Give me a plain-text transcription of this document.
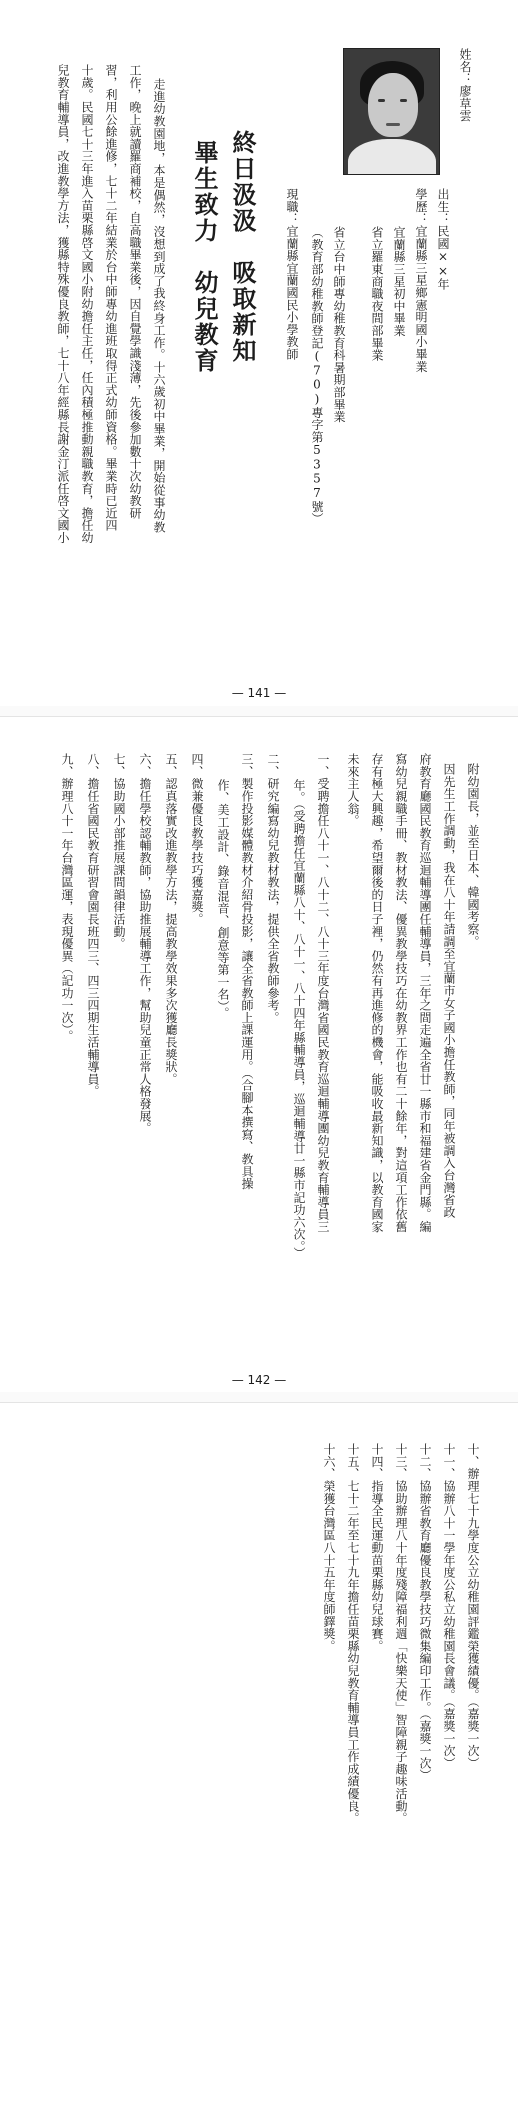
姓名：廖草雲
出生：民國××年
學歷：宜蘭縣三星鄉憲明國小畢業
宜蘭縣三星初中畢業
省立羅東商職夜間部畢業
省立台中師專幼稚教育科暑期部畢業
（教育部幼稚教師登記(70)專字第5357號）
現職：宜蘭縣宜蘭國民小學教師
終日汲汲　吸取新知
畢生致力　幼兒教育
走進幼教園地，本是偶然，沒想到成了我終身工作。十六歲初中畢業，開始從事幼教
工作，晚上就讀羅商補校，自高職畢業後，因自覺學識淺薄，先後參加數十次幼教研
習，利用公餘進修，七十二年結業於台中師專幼進班取得正式幼師資格。畢業時已近四
十歲。民國七十三年進入苗栗縣啓文國小附幼擔任主任，任內積極推動親職教育，擔任幼
兒教育輔導員，改進教學方法，獲縣特殊優良教師，七十八年經縣長謝金汀派任啓文國小
— 141 —
附幼園長，並至日本、韓國考察。
因先生工作調動，我在八十年請調至宜蘭市女子國小擔任教師，同年被調入台灣省政
府教育廳國民教育巡迴輔導團任輔導員，三年之間走遍全省廿一縣市和福建省金門縣。編
寫幼兒親職手冊、教材教法、優異教學技巧在幼教界工作也有二十餘年，對這項工作依舊
存有極大興趣，希望爾後的日子裡，仍然有再進修的機會，能吸收最新知識，以教育國家
未來主人翁。
一、受聘擔任八十一、八十二、八十三年度台灣省國民教育巡迴輔導團幼兒教育輔導員三
年。（受聘擔任宜蘭縣八十、八十一、八十四年縣輔導員，巡迴輔導廿一縣市記功六次。）
二、研究編寫幼兒教材教法，提供全省教師參考。
三、製作投影媒體教材介紹骨投影，讓全省教師上課運用。（合腳本撰寫、教具操
作、美工設計、錄音混音、創意等第一名）。
四、微兼優良教學技巧獲嘉獎。
五、認真落實改進教學方法，提高教學效果多次獲廳長獎狀。
六、擔任學校認輔教師，協助推展輔導工作，幫助兒童正常人格發展。
七、協助國小部推展課間韻律活動。
八、擔任省國民教育研習會園長班四三、四三四期生活輔導員。
九、辦理八十一年台灣區運，表現優異（記功一次）。
— 142 —
十、辦理七十九學度公立幼稚園評鑑榮獲績優。（嘉獎一次）
十一、協辦八十一學年度公私立幼稚園長會議。（嘉獎一次）
十二、協辦省教育廳優良教學技巧微集編印工作。（嘉獎一次）
十三、協助辦理八十年度殘障福利週「快樂天使」智障親子趣味活動。
十四、指導全民運動苗栗縣幼兒球賽。
十五、七十二年至七十九年擔任苗栗縣幼兒教育輔導員工作成績優良。
十六、榮獲台灣區八十五年度師鐸獎。
